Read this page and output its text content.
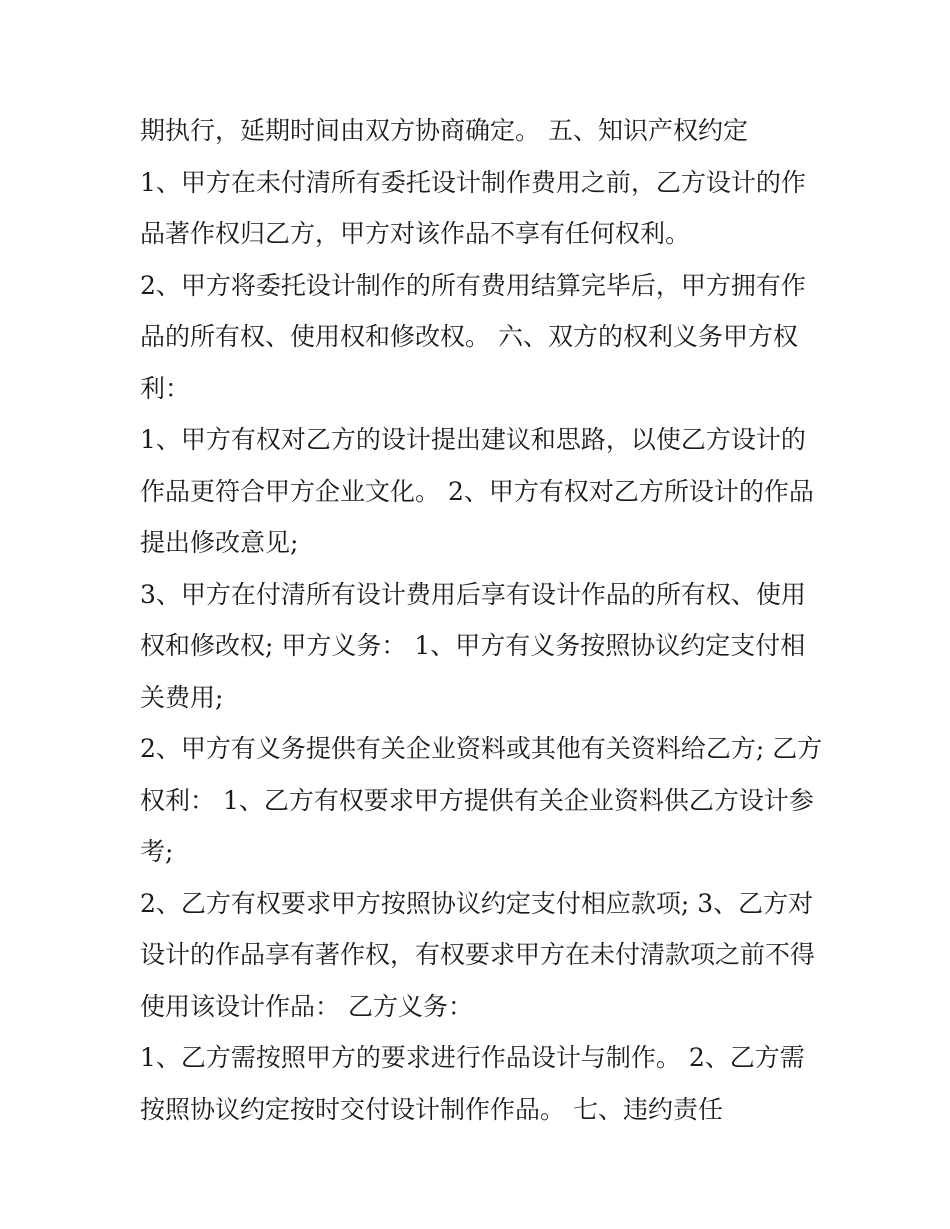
期执行，延期时间由双方协商确定。 五、知识产权约定
1、甲方在未付清所有委托设计制作费用之前，乙方设计的作
品著作权归乙方，甲方对该作品不享有任何权利。
2、甲方将委托设计制作的所有费用结算完毕后，甲方拥有作
品的所有权、使用权和修改权。 六、双方的权利义务甲方权
利：
1、甲方有权对乙方的设计提出建议和思路，以使乙方设计的
作品更符合甲方企业文化。 2、甲方有权对乙方所设计的作品
提出修改意见;
3、甲方在付清所有设计费用后享有设计作品的所有权、使用
权和修改权; 甲方义务： 1、甲方有义务按照协议约定支付相
关费用;
2、甲方有义务提供有关企业资料或其他有关资料给乙方; 乙方
权利： 1、乙方有权要求甲方提供有关企业资料供乙方设计参
考;
2、乙方有权要求甲方按照协议约定支付相应款项; 3、乙方对
设计的作品享有著作权，有权要求甲方在未付清款项之前不得
使用该设计作品： 乙方义务：
1、乙方需按照甲方的要求进行作品设计与制作。 2、乙方需
按照协议约定按时交付设计制作作品。 七、违约责任
